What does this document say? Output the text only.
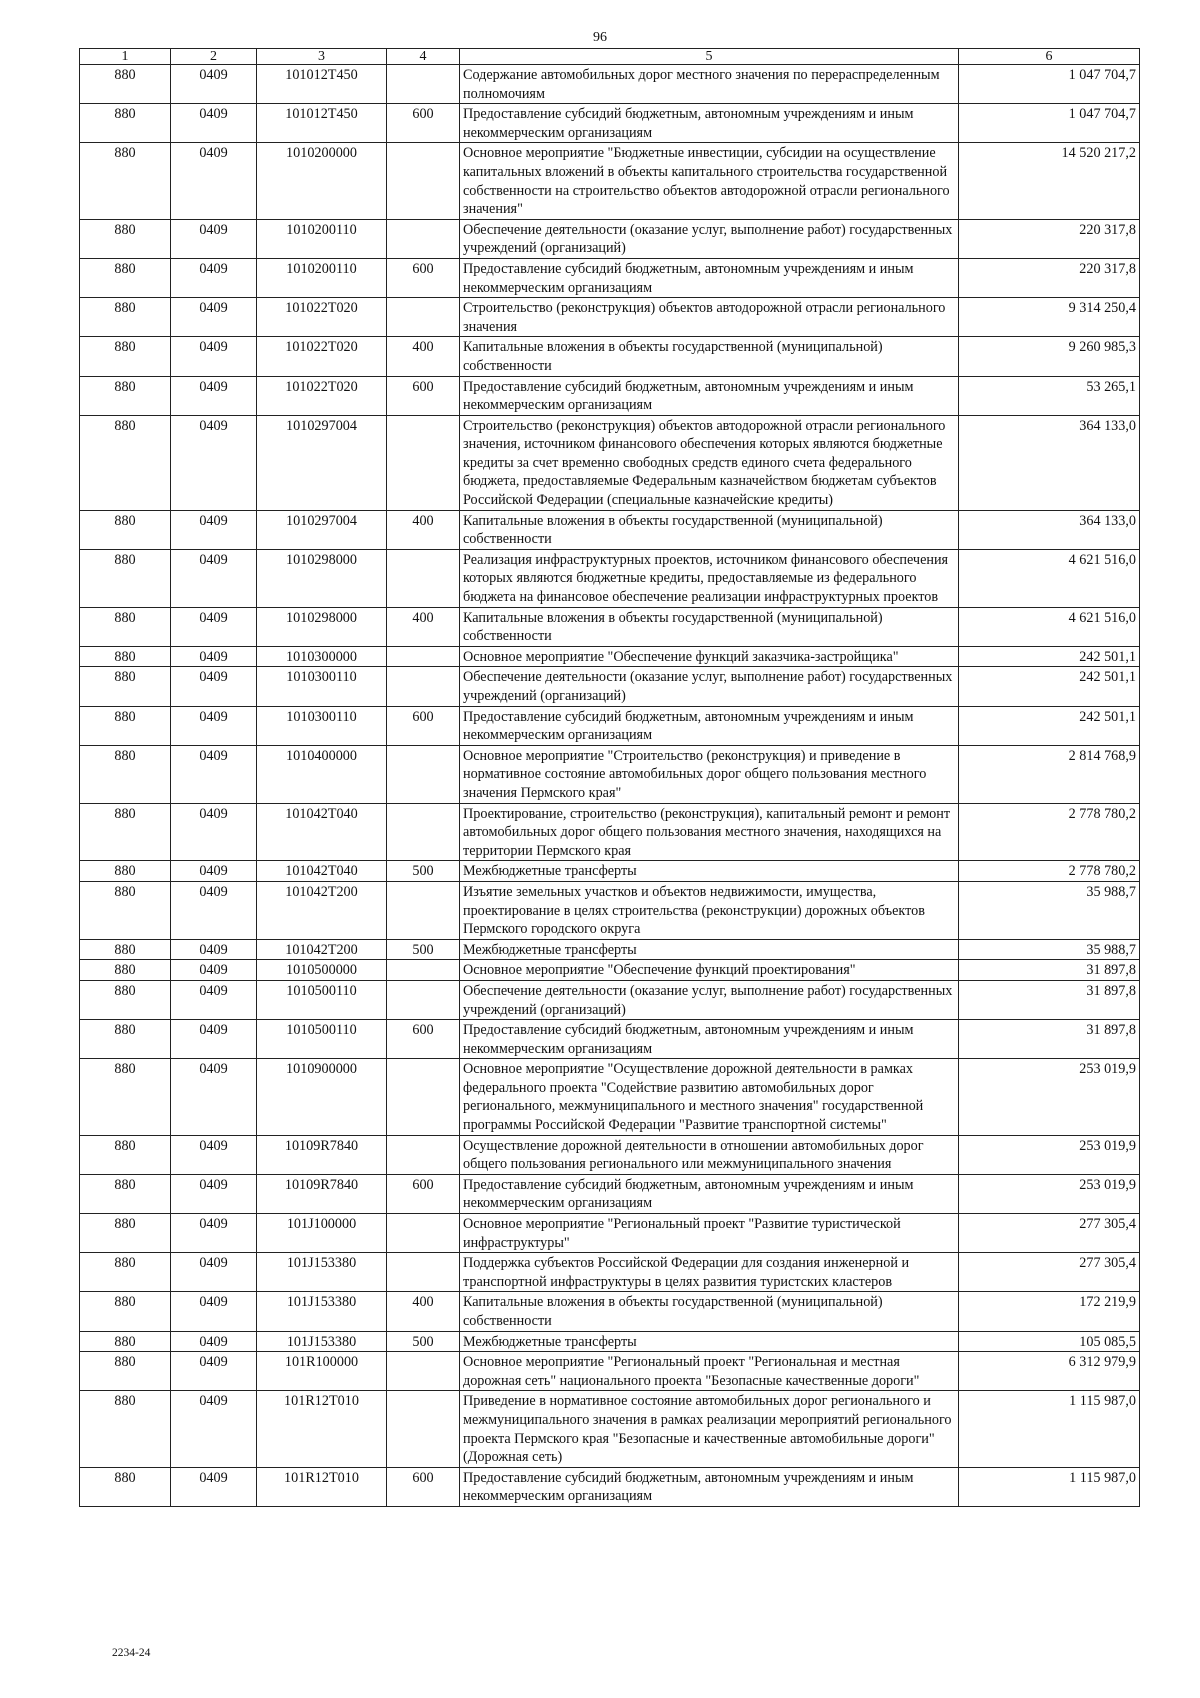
96
1	2	3	4	5	6
880	0409	101012Т450		Содержание автомобильных дорог местного значения по перераспределенным полномочиям	1 047 704,7
880	0409	101012Т450	600	Предоставление субсидий бюджетным, автономным учреждениям и иным некоммерческим организациям	1 047 704,7
880	0409	1010200000		Основное мероприятие "Бюджетные инвестиции, субсидии на осуществление капитальных вложений в объекты капитального строительства государственной собственности на строительство объектов автодорожной отрасли регионального значения"	14 520 217,2
880	0409	1010200110		Обеспечение деятельности (оказание услуг, выполнение работ) государственных учреждений (организаций)	220 317,8
880	0409	1010200110	600	Предоставление субсидий бюджетным, автономным учреждениям и иным некоммерческим организациям	220 317,8
880	0409	101022Т020		Строительство (реконструкция) объектов автодорожной отрасли регионального значения	9 314 250,4
880	0409	101022Т020	400	Капитальные вложения в объекты государственной (муниципальной) собственности	9 260 985,3
880	0409	101022Т020	600	Предоставление субсидий бюджетным, автономным учреждениям и иным некоммерческим организациям	53 265,1
880	0409	1010297004		Строительство (реконструкция) объектов автодорожной отрасли регионального значения, источником финансового обеспечения которых являются бюджетные кредиты за счет временно свободных средств единого счета федерального бюджета, предоставляемые Федеральным казначейством бюджетам субъектов Российской Федерации (специальные казначейские кредиты)	364 133,0
880	0409	1010297004	400	Капитальные вложения в объекты государственной (муниципальной) собственности	364 133,0
880	0409	1010298000		Реализация инфраструктурных проектов, источником финансового обеспечения которых являются бюджетные кредиты, предоставляемые из федерального бюджета на финансовое обеспечение реализации инфраструктурных проектов	4 621 516,0
880	0409	1010298000	400	Капитальные вложения в объекты государственной (муниципальной) собственности	4 621 516,0
880	0409	1010300000		Основное мероприятие "Обеспечение функций заказчика-застройщика"	242 501,1
880	0409	1010300110		Обеспечение деятельности (оказание услуг, выполнение работ) государственных учреждений (организаций)	242 501,1
880	0409	1010300110	600	Предоставление субсидий бюджетным, автономным учреждениям и иным некоммерческим организациям	242 501,1
880	0409	1010400000		Основное мероприятие "Строительство (реконструкция) и приведение в нормативное состояние автомобильных дорог общего пользования местного значения Пермского края"	2 814 768,9
880	0409	101042Т040		Проектирование, строительство (реконструкция), капитальный ремонт и ремонт автомобильных дорог общего пользования местного значения, находящихся на территории Пермского края	2 778 780,2
880	0409	101042Т040	500	Межбюджетные трансферты	2 778 780,2
880	0409	101042Т200		Изъятие земельных участков и объектов недвижимости, имущества, проектирование в целях строительства (реконструкции) дорожных объектов Пермского городского округа	35 988,7
880	0409	101042Т200	500	Межбюджетные трансферты	35 988,7
880	0409	1010500000		Основное мероприятие "Обеспечение функций проектирования"	31 897,8
880	0409	1010500110		Обеспечение деятельности (оказание услуг, выполнение работ) государственных учреждений (организаций)	31 897,8
880	0409	1010500110	600	Предоставление субсидий бюджетным, автономным учреждениям и иным некоммерческим организациям	31 897,8
880	0409	1010900000		Основное мероприятие "Осуществление дорожной деятельности в рамках федерального проекта "Содействие развитию автомобильных дорог регионального, межмуниципального и местного значения" государственной программы Российской Федерации "Развитие транспортной системы"	253 019,9
880	0409	10109R7840		Осуществление дорожной деятельности в отношении автомобильных дорог общего пользования регионального или межмуниципального значения	253 019,9
880	0409	10109R7840	600	Предоставление субсидий бюджетным, автономным учреждениям и иным некоммерческим организациям	253 019,9
880	0409	101J100000		Основное мероприятие "Региональный проект "Развитие туристической инфраструктуры"	277 305,4
880	0409	101J153380		Поддержка субъектов Российской Федерации для создания инженерной и транспортной инфраструктуры в целях развития туристских кластеров	277 305,4
880	0409	101J153380	400	Капитальные вложения в объекты государственной (муниципальной) собственности	172 219,9
880	0409	101J153380	500	Межбюджетные трансферты	105 085,5
880	0409	101R100000		Основное мероприятие "Региональный проект "Региональная и местная дорожная сеть" национального проекта "Безопасные качественные дороги"	6 312 979,9
880	0409	101R12Т010		Приведение в нормативное состояние автомобильных дорог регионального и межмуниципального значения в рамках реализации мероприятий регионального проекта Пермского края "Безопасные и качественные автомобильные дороги" (Дорожная сеть)	1 115 987,0
880	0409	101R12Т010	600	Предоставление субсидий бюджетным, автономным учреждениям и иным некоммерческим организациям	1 115 987,0
2234-24
